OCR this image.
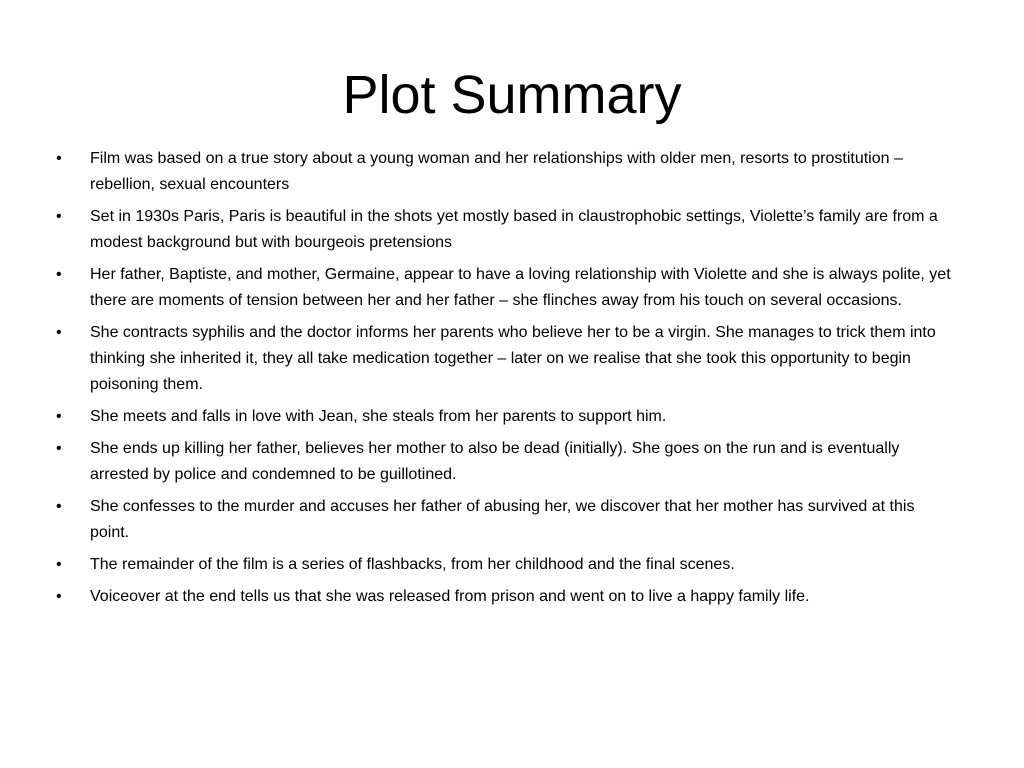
Plot Summary
•	Film was based on a true story about a young woman and her relationships with older men, resorts to prostitution – rebellion, sexual encounters
•	Set in 1930s Paris, Paris is beautiful in the shots yet mostly based in claustrophobic settings, Violette’s family are from a modest background but with bourgeois pretensions
•	Her father, Baptiste, and mother, Germaine, appear to have a loving relationship with Violette and she is always polite, yet there are moments of tension between her and her father – she flinches away from his touch on several occasions.
•	She contracts syphilis and the doctor informs her parents who believe her to be a virgin. She manages to trick them into thinking she inherited it, they all take medication together – later on we realise that she took this opportunity to begin poisoning them.
•	She meets and falls in love with Jean, she steals from her parents to support him.
•	She ends up killing her father, believes her mother to also be dead (initially). She goes on the run and is eventually arrested by police and condemned to be guillotined.
•	She confesses to the murder and accuses her father of abusing her, we discover that her mother has survived at this point.
•	The remainder of the film is a series of flashbacks, from her childhood and the final scenes.
•	Voiceover at the end tells us that she was released from prison and went on to live a happy family life.
